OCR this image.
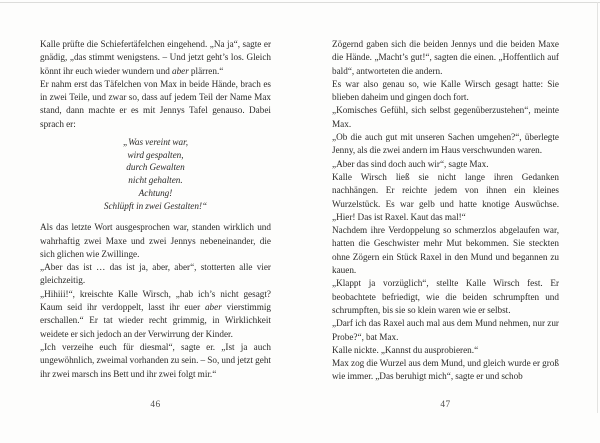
Kalle prüfte die Schiefertäfelchen eingehend. „Na ja“, sagte er gnädig, „das stimmt wenigstens. – Und jetzt geht’s los. Gleich könnt ihr euch wieder wundern und aber plärren.“

Er nahm erst das Täfelchen von Max in beide Hände, brach es in zwei Teile, und zwar so, dass auf jedem Teil der Name Max stand, dann machte er es mit Jennys Tafel genauso. Dabei sprach er:

„Was vereint war,
wird gespalten,
durch Gewalten
nicht gehalten.
Achtung!
Schlüpft in zwei Gestalten!“

Als das letzte Wort ausgesprochen war, standen wirklich und wahrhaftig zwei Maxe und zwei Jennys nebeneinander, die sich glichen wie Zwillinge.

„Aber das ist … das ist ja, aber, aber“, stotterten alle vier gleichzeitig.

„Hihiii!“, kreischte Kalle Wirsch, „hab ich’s nicht gesagt? Kaum seid ihr verdoppelt, lasst ihr euer aber vierstimmig erschallen.“ Er tat wieder recht grimmig, in Wirklichkeit weidete er sich jedoch an der Verwirrung der Kinder.

„Ich verzeihe euch für diesmal“, sagte er. „Ist ja auch ungewöhnlich, zweimal vorhanden zu sein. – So, und jetzt geht ihr zwei marsch ins Bett und ihr zwei folgt mir.“

46

Zögernd gaben sich die beiden Jennys und die beiden Maxe die Hände. „Macht’s gut!“, sagten die einen. „Hoffentlich auf bald“, antworteten die andern.

Es war also genau so, wie Kalle Wirsch gesagt hatte: Sie blieben daheim und gingen doch fort.

„Komisches Gefühl, sich selbst gegenüberzustehen“, meinte Max.

„Ob die auch gut mit unseren Sachen umgehen?“, überlegte Jenny, als die zwei andern im Haus verschwunden waren.

„Aber das sind doch auch wir“, sagte Max.

Kalle Wirsch ließ sie nicht lange ihren Gedanken nachhängen. Er reichte jedem von ihnen ein kleines Wurzelstück. Es war gelb und hatte knotige Auswüchse. „Hier! Das ist Raxel. Kaut das mal!“

Nachdem ihre Verdoppelung so schmerzlos abgelaufen war, hatten die Geschwister mehr Mut bekommen. Sie steckten ohne Zögern ein Stück Raxel in den Mund und begannen zu kauen.

„Klappt ja vorzüglich“, stellte Kalle Wirsch fest. Er beobachtete befriedigt, wie die beiden schrumpften und schrumpften, bis sie so klein waren wie er selbst.

„Darf ich das Raxel auch mal aus dem Mund nehmen, nur zur Probe?“, bat Max.

Kalle nickte. „Kannst du ausprobieren.“

Max zog die Wurzel aus dem Mund, und gleich wurde er groß wie immer. „Das beruhigt mich“, sagte er und schob

47
